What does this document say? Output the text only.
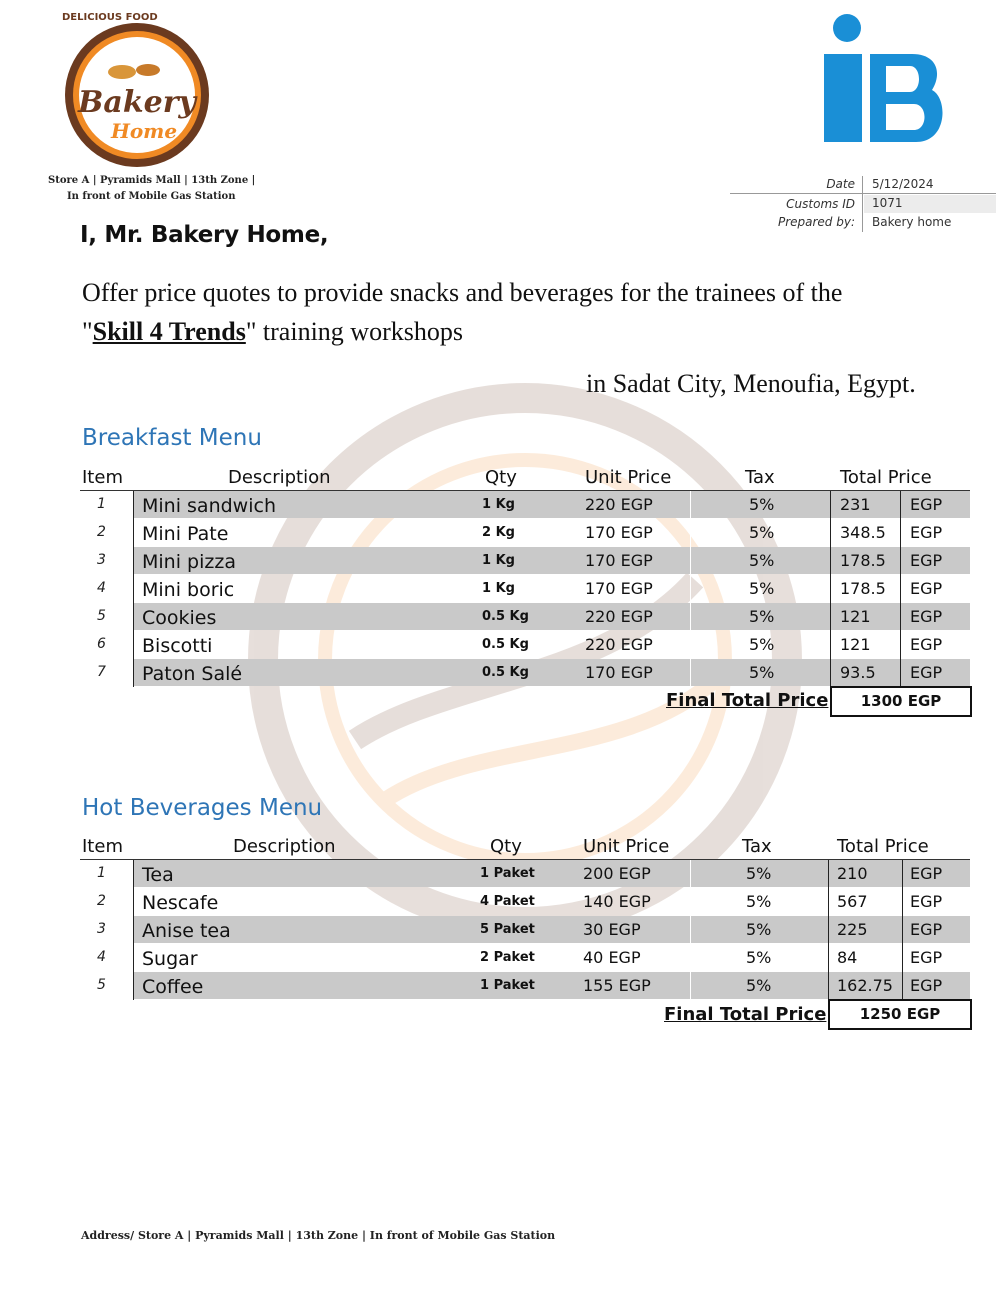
DELICIOUS FOOD
Bakery
Home
Store A | Pyramids Mall | 13th Zone |
In front of Mobile Gas Station
Date 5/12/2024
Customs ID 1071
Prepared by: Bakery home
I, Mr. Bakery Home,
Offer price quotes to provide snacks and beverages for the trainees of the
"Skill 4 Trends" training workshops
in Sadat City, Menoufia, Egypt.
Breakfast Menu
Item	Description	Qty	Unit Price	Tax	Total Price
1 Mini sandwich	1 Kg	220 EGP	5%	231 EGP
2 Mini Pate	2 Kg	170 EGP	5%	348.5 EGP
3 Mini pizza	1 Kg	170 EGP	5%	178.5 EGP
4 Mini boric	1 Kg	170 EGP	5%	178.5 EGP
5 Cookies	0.5 Kg	220 EGP	5%	121 EGP
6 Biscotti	0.5 Kg	220 EGP	5%	121 EGP
7 Paton Salé	0.5 Kg	170 EGP	5%	93.5 EGP
Final Total Price	1300 EGP
Hot Beverages Menu
Item	Description	Qty	Unit Price	Tax	Total Price
1 Tea	1 Paket	200 EGP	5%	210	EGP
2 Nescafe	4 Paket	140 EGP	5%	567	EGP
3 Anise tea	5 Paket	30 EGP	5%	225	EGP
4 Sugar	2 Paket	40 EGP	5%	84	EGP
5 Coffee	1 Paket	155 EGP	5%	162.75 EGP
Final Total Price	1250 EGP
Address/ Store A | Pyramids Mall | 13th Zone | In front of Mobile Gas Station
